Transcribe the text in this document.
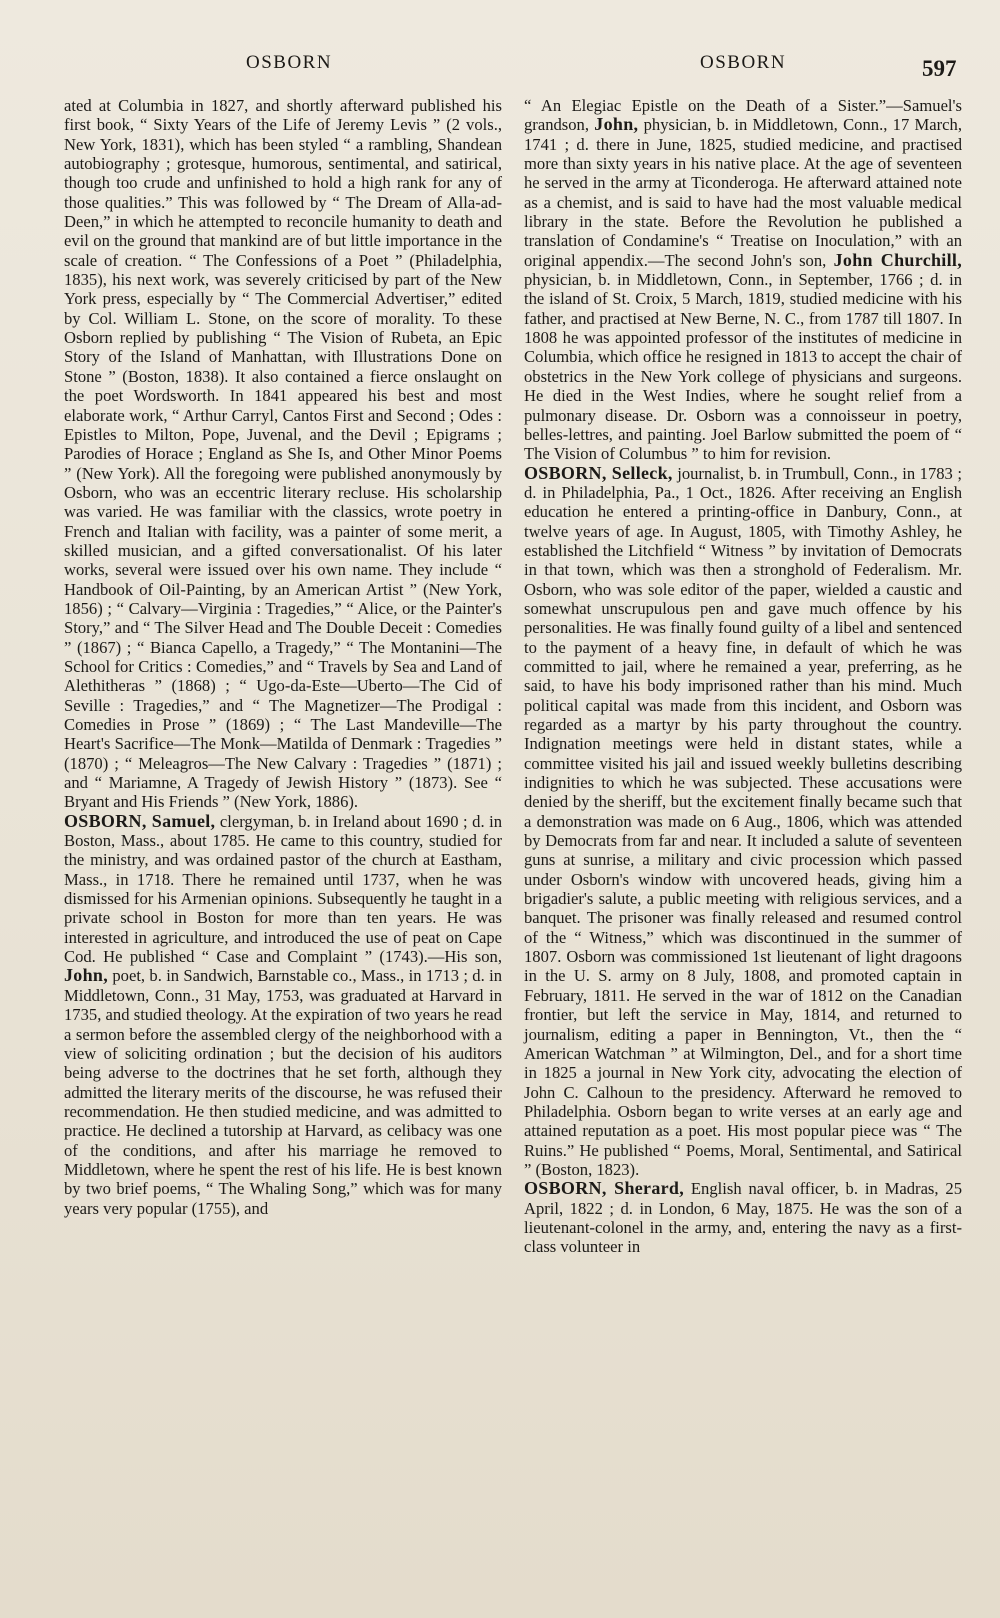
OSBORN	OSBORN	597

ated at Columbia in 1827, and shortly afterward published his first book, “ Sixty Years of the Life of Jeremy Levis ” (2 vols., New York, 1831), which has been styled “ a rambling, Shandean autobiography ; grotesque, humorous, sentimental, and satirical, though too crude and unfinished to hold a high rank for any of those qualities.” This was followed by “ The Dream of Alla-ad-Deen,” in which he attempted to reconcile humanity to death and evil on the ground that mankind are of but little importance in the scale of creation. “ The Confessions of a Poet ” (Philadelphia, 1835), his next work, was severely criticised by part of the New York press, especially by “ The Commercial Advertiser,” edited by Col. William L. Stone, on the score of morality. To these Osborn replied by publishing “ The Vision of Rubeta, an Epic Story of the Island of Manhattan, with Illustrations Done on Stone ” (Boston, 1838). It also contained a fierce onslaught on the poet Wordsworth. In 1841 appeared his best and most elaborate work, “ Arthur Carryl, Cantos First and Second ; Odes : Epistles to Milton, Pope, Juvenal, and the Devil ; Epigrams ; Parodies of Horace ; England as She Is, and Other Minor Poems ” (New York). All the foregoing were published anonymously by Osborn, who was an eccentric literary recluse. His scholarship was varied. He was familiar with the classics, wrote poetry in French and Italian with facility, was a painter of some merit, a skilled musician, and a gifted conversationalist. Of his later works, several were issued over his own name. They include “ Handbook of Oil-Painting, by an American Artist ” (New York, 1856) ; “ Calvary—Virginia : Tragedies,” “ Alice, or the Painter's Story,” and “ The Silver Head and The Double Deceit : Comedies ” (1867) ; “ Bianca Capello, a Tragedy,” “ The Montanini—The School for Critics : Comedies,” and “ Travels by Sea and Land of Alethitheras ” (1868) ; “ Ugo-da-Este—Uberto—The Cid of Seville : Tragedies,” and “ The Magnetizer—The Prodigal : Comedies in Prose ” (1869) ; “ The Last Mandeville—The Heart's Sacrifice—The Monk—Matilda of Denmark : Tragedies ” (1870) ; “ Meleagros—The New Calvary : Tragedies ” (1871) ; and “ Mariamne, A Tragedy of Jewish History ” (1873). See “ Bryant and His Friends ” (New York, 1886).

OSBORN, Samuel, clergyman, b. in Ireland about 1690 ; d. in Boston, Mass., about 1785. He came to this country, studied for the ministry, and was ordained pastor of the church at Eastham, Mass., in 1718. There he remained until 1737, when he was dismissed for his Armenian opinions. Subsequently he taught in a private school in Boston for more than ten years. He was interested in agriculture, and introduced the use of peat on Cape Cod. He published “ Case and Complaint ” (1743).—His son, John, poet, b. in Sandwich, Barnstable co., Mass., in 1713 ; d. in Middletown, Conn., 31 May, 1753, was graduated at Harvard in 1735, and studied theology. At the expiration of two years he read a sermon before the assembled clergy of the neighborhood with a view of soliciting ordination ; but the decision of his auditors being adverse to the doctrines that he set forth, although they admitted the literary merits of the discourse, he was refused their recommendation. He then studied medicine, and was admitted to practice. He declined a tutorship at Harvard, as celibacy was one of the conditions, and after his marriage he removed to Middletown, where he spent the rest of his life. He is best known by two brief poems, “ The Whaling Song,” which was for many years very popular (1755), and

“ An Elegiac Epistle on the Death of a Sister.”—Samuel's grandson, John, physician, b. in Middletown, Conn., 17 March, 1741 ; d. there in June, 1825, studied medicine, and practised more than sixty years in his native place. At the age of seventeen he served in the army at Ticonderoga. He afterward attained note as a chemist, and is said to have had the most valuable medical library in the state. Before the Revolution he published a translation of Condamine's “ Treatise on Inoculation,” with an original appendix.—The second John's son, John Churchill, physician, b. in Middletown, Conn., in September, 1766 ; d. in the island of St. Croix, 5 March, 1819, studied medicine with his father, and practised at New Berne, N. C., from 1787 till 1807. In 1808 he was appointed professor of the institutes of medicine in Columbia, which office he resigned in 1813 to accept the chair of obstetrics in the New York college of physicians and surgeons. He died in the West Indies, where he sought relief from a pulmonary disease. Dr. Osborn was a connoisseur in poetry, belles-lettres, and painting. Joel Barlow submitted the poem of “ The Vision of Columbus ” to him for revision.

OSBORN, Selleck, journalist, b. in Trumbull, Conn., in 1783 ; d. in Philadelphia, Pa., 1 Oct., 1826. After receiving an English education he entered a printing-office in Danbury, Conn., at twelve years of age. In August, 1805, with Timothy Ashley, he established the Litchfield “ Witness ” by invitation of Democrats in that town, which was then a stronghold of Federalism. Mr. Osborn, who was sole editor of the paper, wielded a caustic and somewhat unscrupulous pen and gave much offence by his personalities. He was finally found guilty of a libel and sentenced to the payment of a heavy fine, in default of which he was committed to jail, where he remained a year, preferring, as he said, to have his body imprisoned rather than his mind. Much political capital was made from this incident, and Osborn was regarded as a martyr by his party throughout the country. Indignation meetings were held in distant states, while a committee visited his jail and issued weekly bulletins describing indignities to which he was subjected. These accusations were denied by the sheriff, but the excitement finally became such that a demonstration was made on 6 Aug., 1806, which was attended by Democrats from far and near. It included a salute of seventeen guns at sunrise, a military and civic procession which passed under Osborn's window with uncovered heads, giving him a brigadier's salute, a public meeting with religious services, and a banquet. The prisoner was finally released and resumed control of the “ Witness,” which was discontinued in the summer of 1807. Osborn was commissioned 1st lieutenant of light dragoons in the U. S. army on 8 July, 1808, and promoted captain in February, 1811. He served in the war of 1812 on the Canadian frontier, but left the service in May, 1814, and returned to journalism, editing a paper in Bennington, Vt., then the “ American Watchman ” at Wilmington, Del., and for a short time in 1825 a journal in New York city, advocating the election of John C. Calhoun to the presidency. Afterward he removed to Philadelphia. Osborn began to write verses at an early age and attained reputation as a poet. His most popular piece was “ The Ruins.” He published “ Poems, Moral, Sentimental, and Satirical ” (Boston, 1823).

OSBORN, Sherard, English naval officer, b. in Madras, 25 April, 1822 ; d. in London, 6 May, 1875. He was the son of a lieutenant-colonel in the army, and, entering the navy as a first-class volunteer in
